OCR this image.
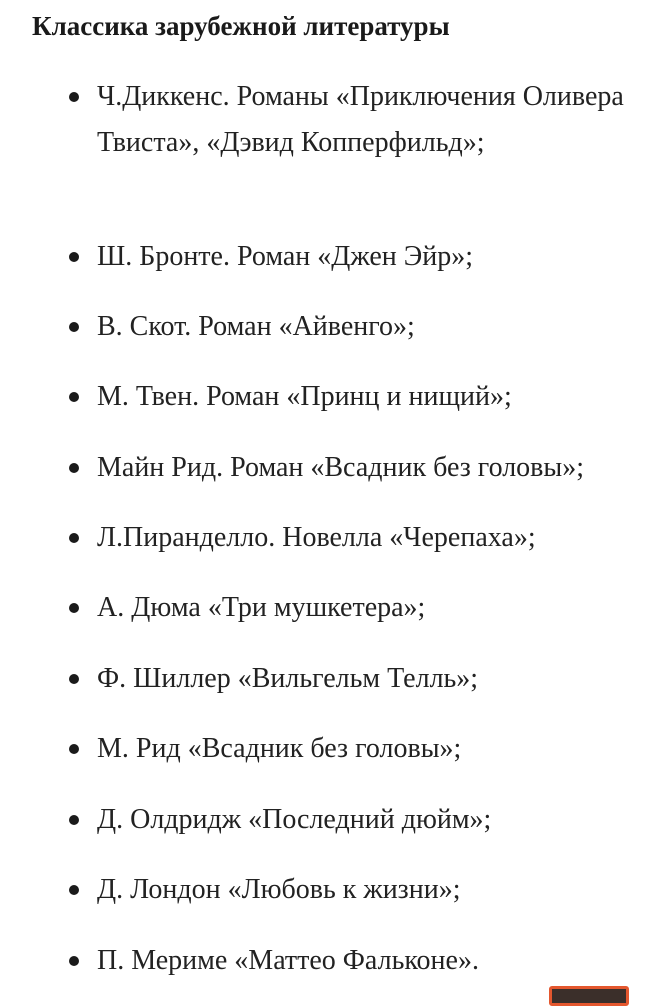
Классика зарубежной литературы
Ч.Диккенс. Романы «Приключения Оливера Твиста», «Дэвид Копперфильд»;
Ш. Бронте. Роман «Джен Эйр»;
В. Скот. Роман «Айвенго»;
М. Твен. Роман «Принц и нищий»;
Майн Рид. Роман «Всадник без головы»;
Л.Пиранделло. Новелла «Черепаха»;
А. Дюма «Три мушкетера»;
Ф. Шиллер «Вильгельм Телль»;
М. Рид «Всадник без головы»;
Д. Олдридж «Последний дюйм»;
Д. Лондон «Любовь к жизни»;
П. Мериме «Маттео Фальконе».
